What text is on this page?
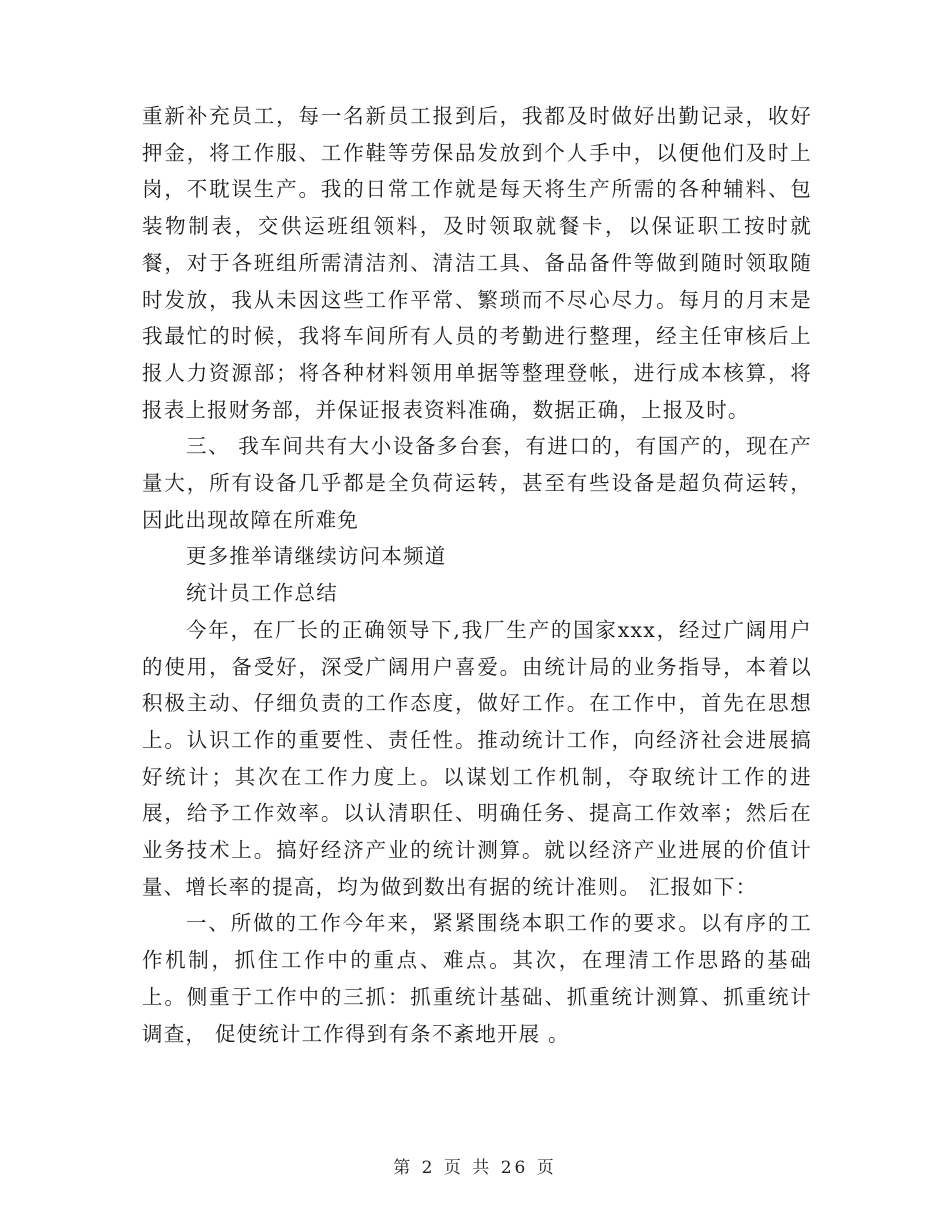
重新补充员工，每一名新员工报到后，我都及时做好出勤记录，收好押金，将工作服、工作鞋等劳保品发放到个人手中，以便他们及时上岗，不耽误生产。我的日常工作就是每天将生产所需的各种辅料、包装物制表，交供运班组领料，及时领取就餐卡，以保证职工按时就餐，对于各班组所需清洁剂、清洁工具、备品备件等做到随时领取随时发放，我从未因这些工作平常、繁琐而不尽心尽力。每月的月末是我最忙的时候，我将车间所有人员的考勤进行整理，经主任审核后上报人力资源部；将各种材料领用单据等整理登帐，进行成本核算，将报表上报财务部，并保证报表资料准确，数据正确，上报及时。

三、 我车间共有大小设备多台套，有进口的，有国产的，现在产量大，所有设备几乎都是全负荷运转，甚至有些设备是超负荷运转，因此出现故障在所难免

更多推举请继续访问本频道

统计员工作总结

今年，在厂长的正确领导下,我厂生产的国家xxx，经过广阔用户的使用，备受好，深受广阔用户喜爱。由统计局的业务指导，本着以积极主动、仔细负责的工作态度，做好工作。在工作中，首先在思想上。认识工作的重要性、责任性。推动统计工作，向经济社会进展搞好统计；其次在工作力度上。以谋划工作机制，夺取统计工作的进展，给予工作效率。以认清职任、明确任务、提高工作效率；然后在业务技术上。搞好经济产业的统计测算。就以经济产业进展的价值计量、增长率的提高，均为做到数出有据的统计准则。 汇报如下：

一、所做的工作今年来，紧紧围绕本职工作的要求。以有序的工作机制，抓住工作中的重点、难点。其次，在理清工作思路的基础上。侧重于工作中的三抓：抓重统计基础、抓重统计测算、抓重统计调查， 促使统计工作得到有条不紊地开展 。

第 2 页 共 26 页
